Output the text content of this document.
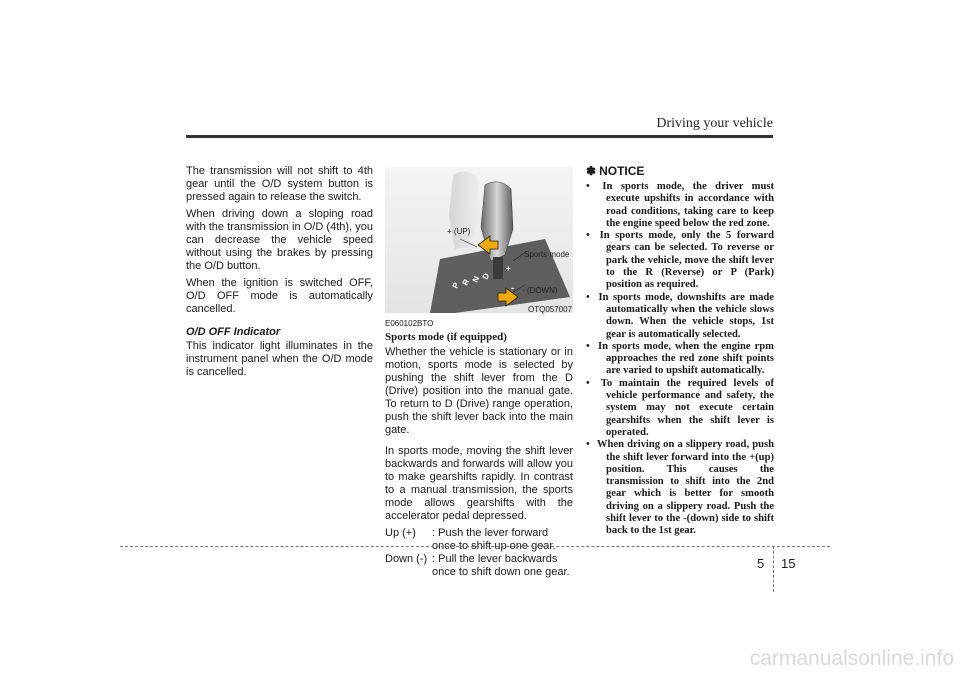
Driving your vehicle

The transmission will not shift to 4th gear until the O/D system button is pressed again to release the switch.

When driving down a sloping road with the transmission in O/D (4th), you can decrease the vehicle speed without using the brakes by pressing the O/D button.

When the ignition is switched OFF, O/D OFF mode is automatically cancelled.

O/D OFF Indicator

This indicator light illuminates in the instrument panel when the O/D mode is cancelled.

P R N D
+
-
+ (UP)
Sports mode
- (DOWN)
OTQ057007
E060102BTO
Sports mode (if equipped)

Whether the vehicle is stationary or in motion, sports mode is selected by pushing the shift lever from the D (Drive) position into the manual gate. To return to D (Drive) range operation, push the shift lever back into the main gate.

In sports mode, moving the shift lever backwards and forwards will allow you to make gearshifts rapidly. In contrast to a manual transmission, the sports mode allows gearshifts with the accelerator pedal depressed.

Up (+)	: Push the lever forward once to shift up one gear.
Down (-) : Pull the lever backwards once to shift down one gear.
✽ NOTICE
• In sports mode, the driver must execute upshifts in accordance with road conditions, taking care to keep the engine speed below the red zone.
• In sports mode, only the 5 forward gears can be selected. To reverse or park the vehicle, move the shift lever to the R (Reverse) or P (Park) position as required.
• In sports mode, downshifts are made automatically when the vehicle slows down. When the vehicle stops, 1st gear is automatically selected.
• In sports mode, when the engine rpm approaches the red zone shift points are varied to upshift automatically.
• To maintain the required levels of vehicle performance and safety, the system may not execute certain gearshifts when the shift lever is operated.
• When driving on a slippery road, push the shift lever forward into the +(up) position. This causes the transmission to shift into the 2nd gear which is better for smooth driving on a slippery road. Push the shift lever to the -(down) side to shift back to the 1st gear.
5 15
carmanualsonline.info
